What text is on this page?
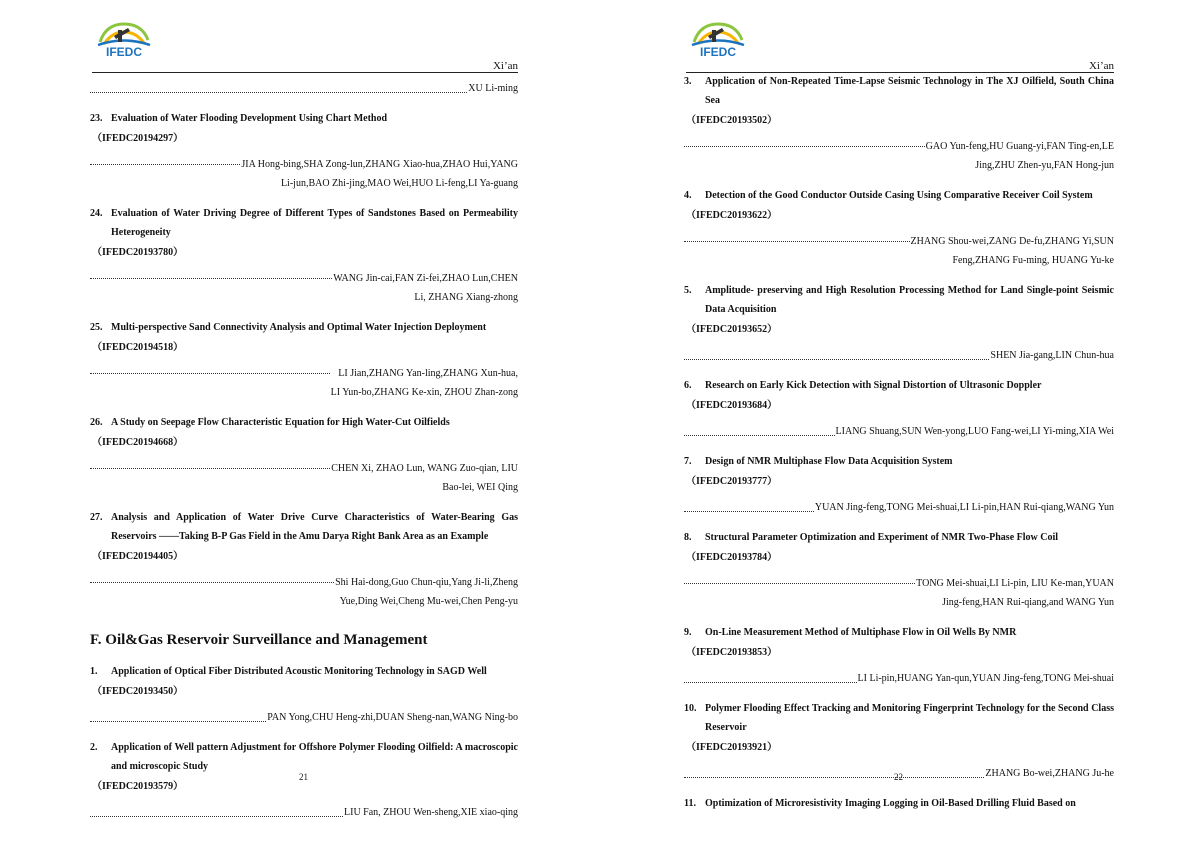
IFEDC
Xi’an
XU Li-ming
23. Evaluation of Water Flooding Development Using Chart Method
（IFEDC20194297）
JIA Hong-bing,SHA Zong-lun,ZHANG Xiao-hua,ZHAO Hui,YANG
Li-jun,BAO Zhi-jing,MAO Wei,HUO Li-feng,LI Ya-guang
24. Evaluation of Water Driving Degree of Different Types of Sandstones Based on Permeability Heterogeneity
（IFEDC20193780）
WANG Jin-cai,FAN Zi-fei,ZHAO Lun,CHEN
Li, ZHANG Xiang-zhong
25. Multi-perspective Sand Connectivity Analysis and Optimal Water Injection Deployment
（IFEDC20194518）
LI Jian,ZHANG Yan-ling,ZHANG Xun-hua,
LI Yun-bo,ZHANG Ke-xin, ZHOU Zhan-zong
26. A Study on Seepage Flow Characteristic Equation for High Water-Cut Oilfields
（IFEDC20194668）
CHEN Xi, ZHAO Lun, WANG Zuo-qian, LIU
Bao-lei, WEI Qing
27. Analysis and Application of Water Drive Curve Characteristics of Water-Bearing Gas Reservoirs ——Taking B-P Gas Field in the Amu Darya Right Bank Area as an Example
（IFEDC20194405）
Shi Hai-dong,Guo Chun-qiu,Yang Ji-li,Zheng
Yue,Ding Wei,Cheng Mu-wei,Chen Peng-yu
F. Oil&Gas Reservoir Surveillance and Management
1.	Application of Optical Fiber Distributed Acoustic Monitoring Technology in SAGD Well
（IFEDC20193450）
PAN Yong,CHU Heng-zhi,DUAN Sheng-nan,WANG Ning-bo
2.	Application of Well pattern Adjustment for Offshore Polymer Flooding Oilfield: A macroscopic and microscopic Study
（IFEDC20193579）
LIU Fan, ZHOU Wen-sheng,XIE xiao-qing
21
IFEDC
Xi’an
3.	Application of Non-Repeated Time-Lapse Seismic Technology in The XJ Oilfield, South China Sea
（IFEDC20193502）
GAO Yun-feng,HU Guang-yi,FAN Ting-en,LE
Jing,ZHU Zhen-yu,FAN Hong-jun
4.	Detection of the Good Conductor Outside Casing Using Comparative Receiver Coil System
（IFEDC20193622）
ZHANG Shou-wei,ZANG De-fu,ZHANG Yi,SUN
Feng,ZHANG Fu-ming, HUANG Yu-ke
5.	Amplitude- preserving and High Resolution Processing Method for Land Single-point Seismic Data Acquisition
（IFEDC20193652）
SHEN Jia-gang,LIN Chun-hua
6.	Research on Early Kick Detection with Signal Distortion of Ultrasonic Doppler
（IFEDC20193684）
LIANG Shuang,SUN Wen-yong,LUO Fang-wei,LI Yi-ming,XIA Wei
7.	Design of NMR Multiphase Flow Data Acquisition System
（IFEDC20193777）
YUAN Jing-feng,TONG Mei-shuai,LI Li-pin,HAN Rui-qiang,WANG Yun
8.	Structural Parameter Optimization and Experiment of NMR Two-Phase Flow Coil
（IFEDC20193784）
TONG Mei-shuai,LI Li-pin, LIU Ke-man,YUAN
Jing-feng,HAN Rui-qiang,and WANG Yun
9.	On-Line Measurement Method of Multiphase Flow in Oil Wells By NMR
（IFEDC20193853）
LI Li-pin,HUANG Yan-qun,YUAN Jing-feng,TONG Mei-shuai
10. Polymer Flooding Effect Tracking and Monitoring Fingerprint Technology for the Second Class Reservoir
（IFEDC20193921）
ZHANG Bo-wei,ZHANG Ju-he
11. Optimization of Microresistivity Imaging Logging in Oil-Based Drilling Fluid Based on
22
